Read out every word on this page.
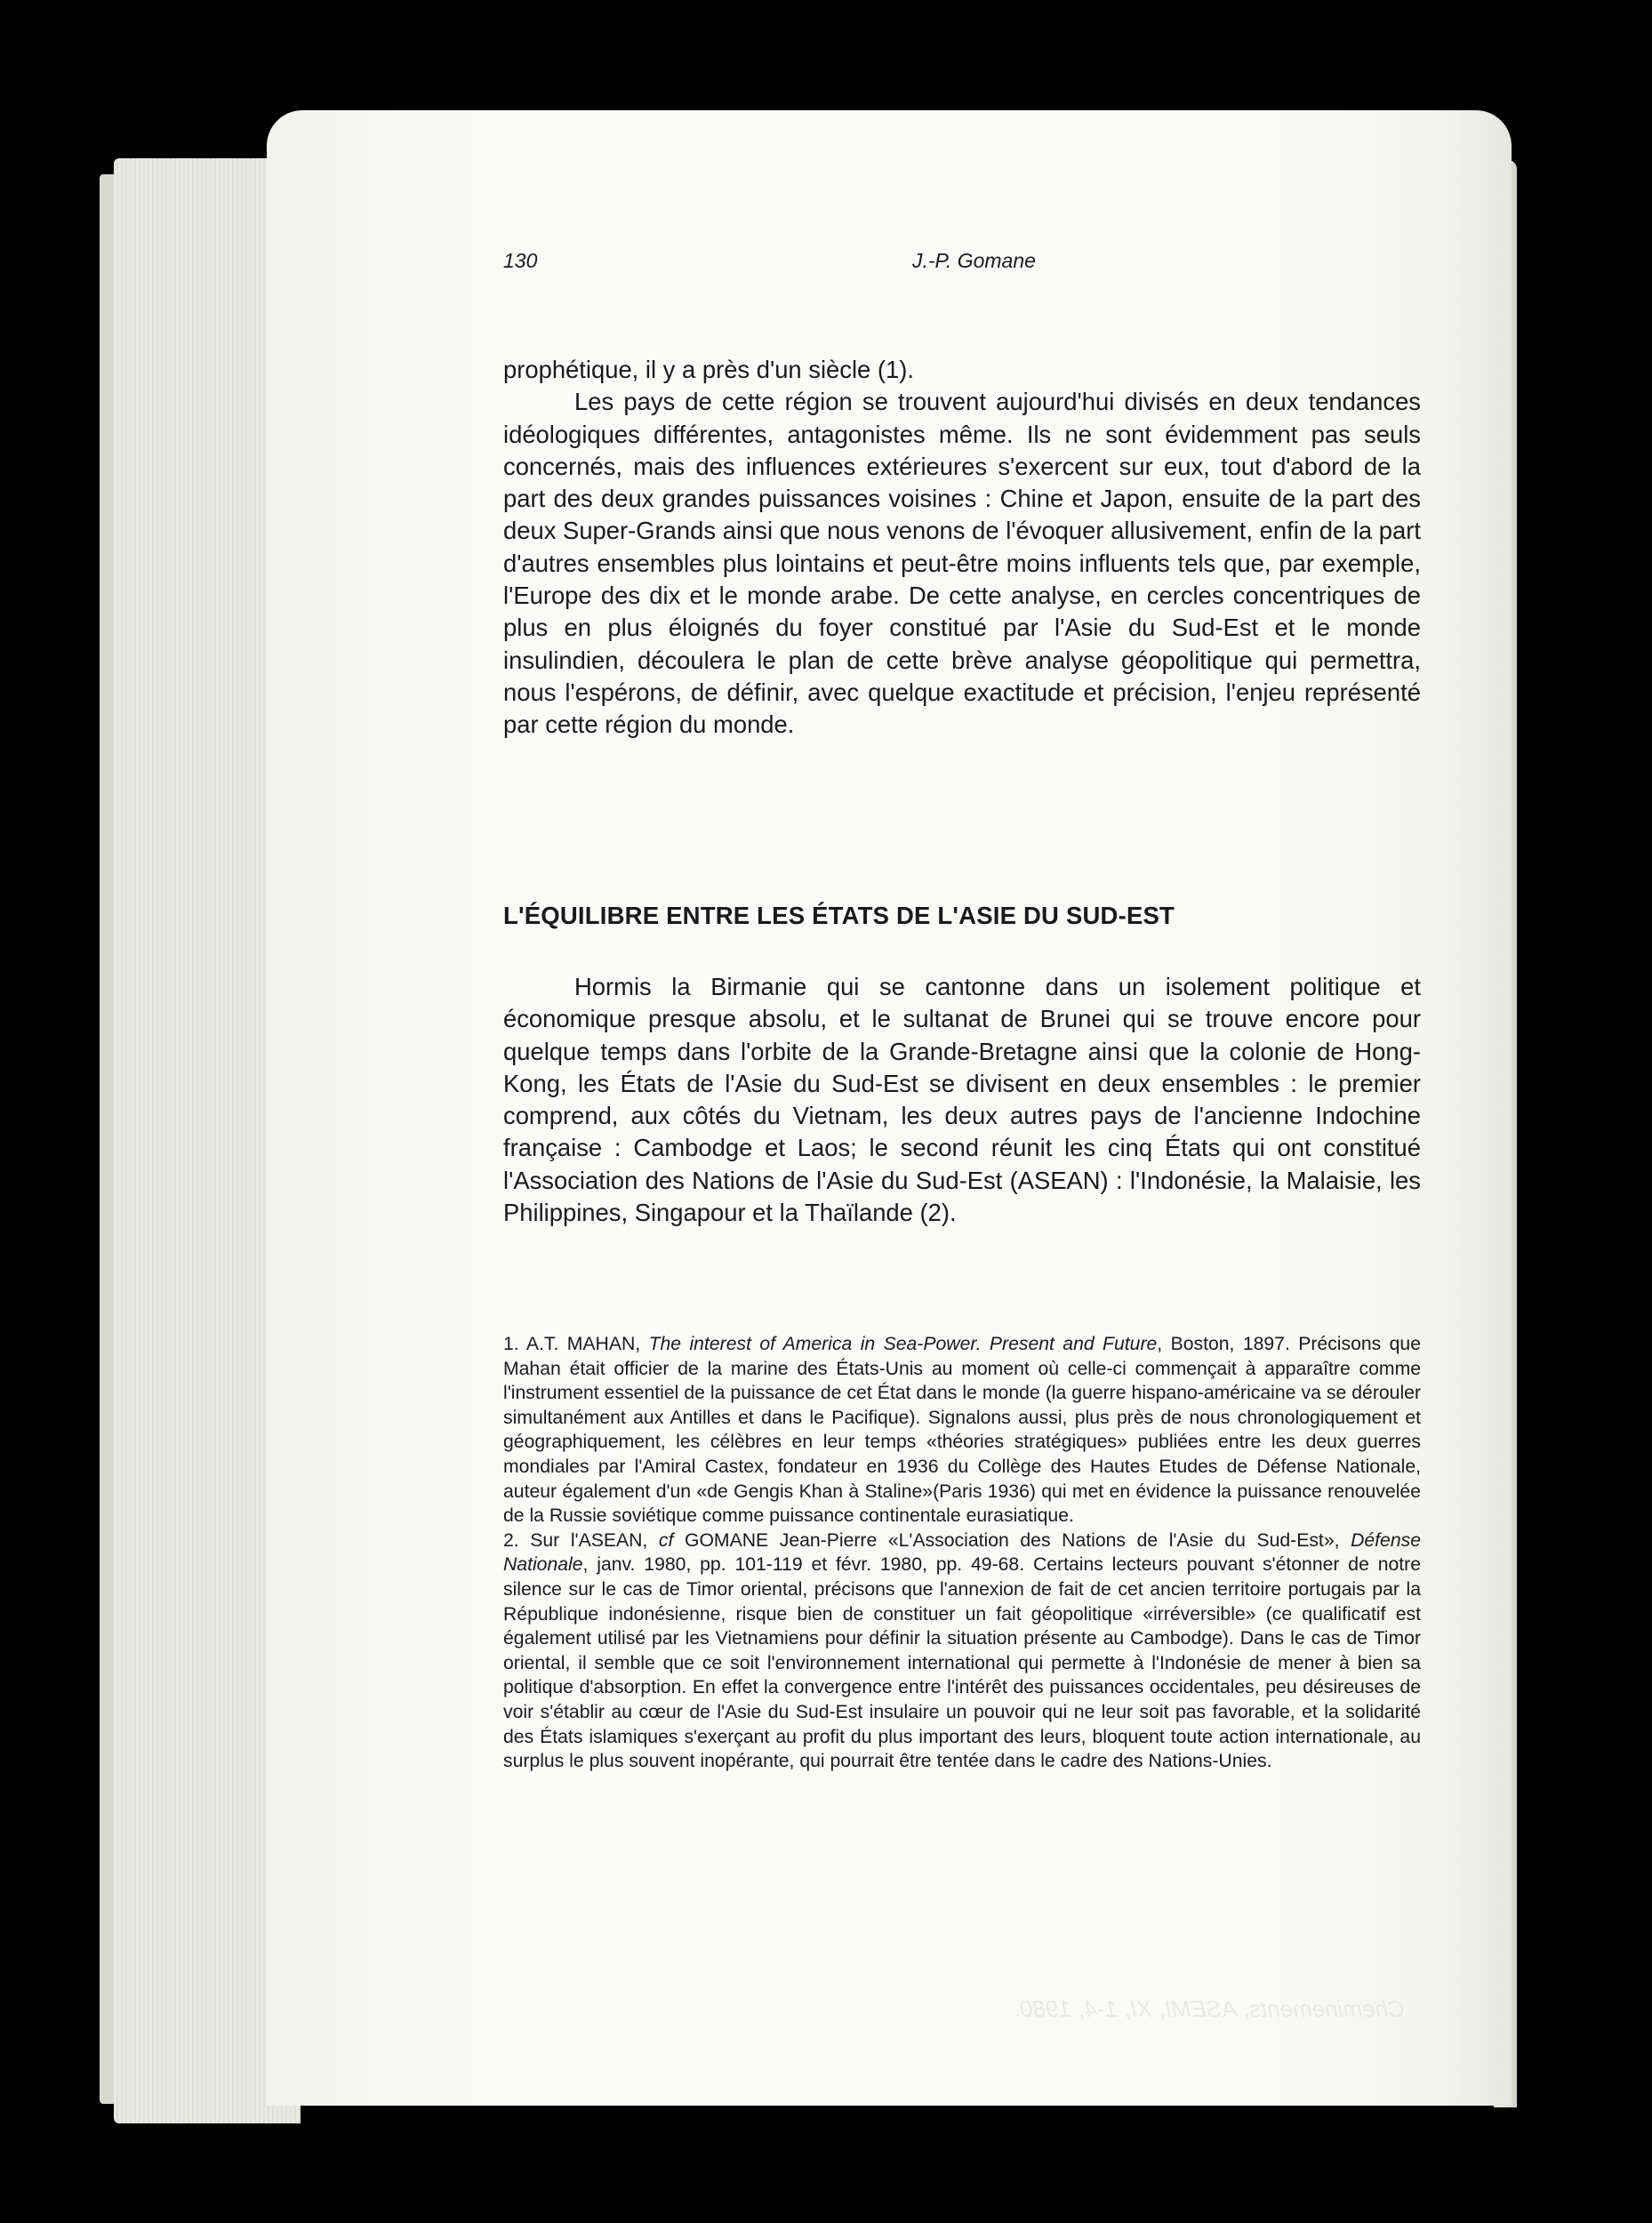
Cheminements, ASEMI, XI, 1-4, 1980.
130	J.-P. Gomane

prophétique, il y a près d'un siècle (1).

Les pays de cette région se trouvent aujourd'hui divisés en deux tendances idéologiques différentes, antagonistes même. Ils ne sont évidemment pas seuls concernés, mais des influences extérieures s'exercent sur eux, tout d'abord de la part des deux grandes puissances voisines : Chine et Japon, ensuite de la part des deux Super-Grands ainsi que nous venons de l'évoquer allusivement, enfin de la part d'autres ensembles plus lointains et peut-être moins influents tels que, par exemple, l'Europe des dix et le monde arabe. De cette analyse, en cercles concentriques de plus en plus éloignés du foyer constitué par l'Asie du Sud-Est et le monde insulindien, découlera le plan de cette brève analyse géopolitique qui permettra, nous l'espérons, de définir, avec quelque exactitude et précision, l'enjeu représenté par cette région du monde.

L'ÉQUILIBRE ENTRE LES ÉTATS DE L'ASIE DU SUD-EST

Hormis la Birmanie qui se cantonne dans un isolement politique et économique presque absolu, et le sultanat de Brunei qui se trouve encore pour quelque temps dans l'orbite de la Grande-Bretagne ainsi que la colonie de Hong-Kong, les États de l'Asie du Sud-Est se divisent en deux ensembles : le premier comprend, aux côtés du Vietnam, les deux autres pays de l'ancienne Indochine française : Cambodge et Laos; le second réunit les cinq États qui ont constitué l'Association des Nations de l'Asie du Sud-Est (ASEAN) : l'Indonésie, la Malaisie, les Philippines, Singapour et la Thaïlande (2).

1. A.T. MAHAN, The interest of America in Sea-Power. Present and Future, Boston, 1897. Précisons que Mahan était officier de la marine des États-Unis au moment où celle-ci commençait à apparaître comme l'instrument essentiel de la puissance de cet État dans le monde (la guerre hispano-américaine va se dérouler simultanément aux Antilles et dans le Pacifique). Signalons aussi, plus près de nous chronologiquement et géographiquement, les célèbres en leur temps «théories stratégiques» publiées entre les deux guerres mondiales par l'Amiral Castex, fondateur en 1936 du Collège des Hautes Etudes de Défense Nationale, auteur également d'un «de Gengis Khan à Staline»(Paris 1936) qui met en évidence la puissance renouvelée de la Russie soviétique comme puissance continentale eurasiatique.

2. Sur l'ASEAN, cf GOMANE Jean-Pierre «L'Association des Nations de l'Asie du Sud-Est», Défense Nationale, janv. 1980, pp. 101-119 et févr. 1980, pp. 49-68. Certains lecteurs pouvant s'étonner de notre silence sur le cas de Timor oriental, précisons que l'annexion de fait de cet ancien territoire portugais par la République indonésienne, risque bien de constituer un fait géopolitique «irréversible» (ce qualificatif est également utilisé par les Vietnamiens pour définir la situation présente au Cambodge). Dans le cas de Timor oriental, il semble que ce soit l'environnement international qui permette à l'Indonésie de mener à bien sa politique d'absorption. En effet la convergence entre l'intérêt des puissances occidentales, peu désireuses de voir s'établir au cœur de l'Asie du Sud-Est insulaire un pouvoir qui ne leur soit pas favorable, et la solidarité des États islamiques s'exerçant au profit du plus important des leurs, bloquent toute action internationale, au surplus le plus souvent inopérante, qui pourrait être tentée dans le cadre des Nations-Unies.
